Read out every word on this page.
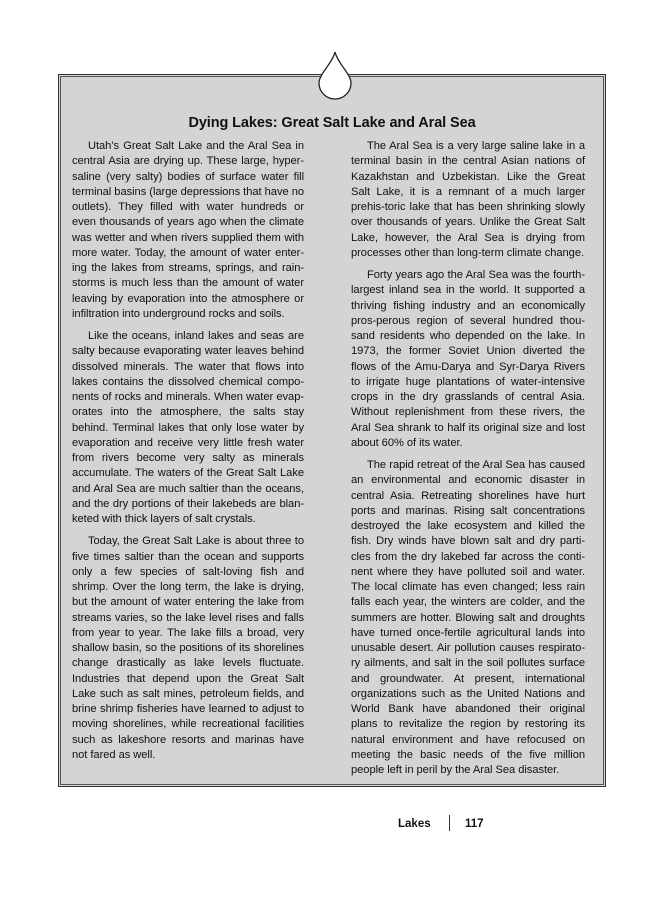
Dying Lakes: Great Salt Lake and Aral Sea

Utah’s Great Salt Lake and the Aral Sea in central Asia are drying up. These large, hyper-saline (very salty) bodies of surface water fill terminal basins (large depressions that have no outlets). They filled with water hundreds or even thousands of years ago when the climate was wetter and when rivers supplied them with more water. Today, the amount of water enter-ing the lakes from streams, springs, and rain-storms is much less than the amount of water leaving by evaporation into the atmosphere or infiltration into underground rocks and soils.

Like the oceans, inland lakes and seas are salty because evaporating water leaves behind dissolved minerals. The water that flows into lakes contains the dissolved chemical compo-nents of rocks and minerals. When water evap-orates into the atmosphere, the salts stay behind. Terminal lakes that only lose water by evaporation and receive very little fresh water from rivers become very salty as minerals accumulate. The waters of the Great Salt Lake and Aral Sea are much saltier than the oceans, and the dry portions of their lakebeds are blan-keted with thick layers of salt crystals.

Today, the Great Salt Lake is about three to five times saltier than the ocean and supports only a few species of salt-loving fish and shrimp. Over the long term, the lake is drying, but the amount of water entering the lake from streams varies, so the lake level rises and falls from year to year. The lake fills a broad, very shallow basin, so the positions of its shorelines change drastically as lake levels fluctuate. Industries that depend upon the Great Salt Lake such as salt mines, petroleum fields, and brine shrimp fisheries have learned to adjust to moving shorelines, while recreational facilities such as lakeshore resorts and marinas have not fared as well.

The Aral Sea is a very large saline lake in a terminal basin in the central Asian nations of Kazakhstan and Uzbekistan. Like the Great Salt Lake, it is a remnant of a much larger prehis-toric lake that has been shrinking slowly over thousands of years. Unlike the Great Salt Lake, however, the Aral Sea is drying from processes other than long-term climate change.

Forty years ago the Aral Sea was the fourth-largest inland sea in the world. It supported a thriving fishing industry and an economically pros-perous region of several hundred thou-sand residents who depended on the lake. In 1973, the former Soviet Union diverted the flows of the Amu-Darya and Syr-Darya Rivers to irrigate huge plantations of water-intensive crops in the dry grasslands of central Asia. Without replenishment from these rivers, the Aral Sea shrank to half its original size and lost about 60% of its water.

The rapid retreat of the Aral Sea has caused an environmental and economic disaster in central Asia. Retreating shorelines have hurt ports and marinas. Rising salt concentrations destroyed the lake ecosystem and killed the fish. Dry winds have blown salt and dry parti-cles from the dry lakebed far across the conti-nent where they have polluted soil and water. The local climate has even changed; less rain falls each year, the winters are colder, and the summers are hotter. Blowing salt and droughts have turned once-fertile agricultural lands into unusable desert. Air pollution causes respirato-ry ailments, and salt in the soil pollutes surface and groundwater. At present, international organizations such as the United Nations and World Bank have abandoned their original plans to revitalize the region by restoring its natural environment and have refocused on meeting the basic needs of the five million people left in peril by the Aral Sea disaster.

Lakes	117
